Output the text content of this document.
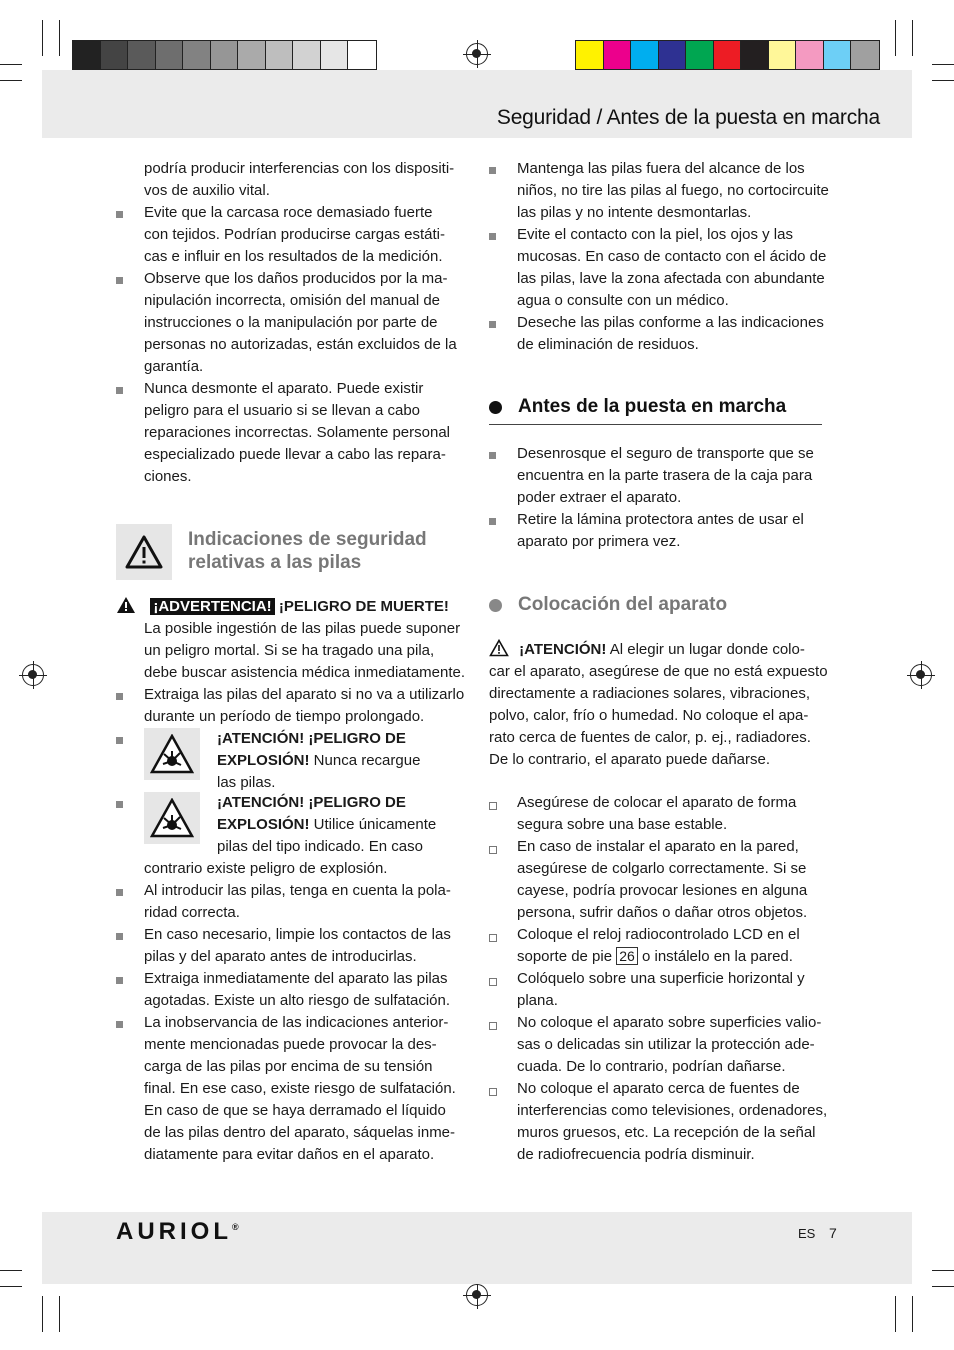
Seguridad / Antes de la puesta en marcha
podría producir interferencias con los dispositi-
vos de auxilio vital.
Evite que la carcasa roce demasiado fuerte
con tejidos. Podrían producirse cargas estáti-
cas e influir en los resultados de la medición.
Observe que los daños producidos por la ma-
nipulación incorrecta, omisión del manual de
instrucciones o la manipulación por parte de
personas no autorizadas, están excluidos de la
garantía.
Nunca desmonte el aparato. Puede existir
peligro para el usuario si se llevan a cabo
reparaciones incorrectas. Solamente personal
especializado puede llevar a cabo las repara-
ciones.
Indicaciones de seguridad
relativas a las pilas
¡ADVERTENCIA! ¡PELIGRO DE MUERTE!
La posible ingestión de las pilas puede suponer
un peligro mortal. Si se ha tragado una pila,
debe buscar asistencia médica inmediatamente.
Extraiga las pilas del aparato si no va a utilizarlo
durante un período de tiempo prolongado.
¡ATENCIÓN! ¡PELIGRO DE
EXPLOSIÓN! Nunca recargue
las pilas.
¡ATENCIÓN! ¡PELIGRO DE
EXPLOSIÓN! Utilice únicamente
pilas del tipo indicado. En caso
contrario existe peligro de explosión.
Al introducir las pilas, tenga en cuenta la pola-
ridad correcta.
En caso necesario, limpie los contactos de las
pilas y del aparato antes de introducirlas.
Extraiga inmediatamente del aparato las pilas
agotadas. Existe un alto riesgo de sulfatación.
La inobservancia de las indicaciones anterior-
mente mencionadas puede provocar la des-
carga de las pilas por encima de su tensión
final. En ese caso, existe riesgo de sulfatación.
En caso de que se haya derramado el líquido
de las pilas dentro del aparato, sáquelas inme-
diatamente para evitar daños en el aparato.
Mantenga las pilas fuera del alcance de los
niños, no tire las pilas al fuego, no cortocircuite
las pilas y no intente desmontarlas.
Evite el contacto con la piel, los ojos y las
mucosas. En caso de contacto con el ácido de
las pilas, lave la zona afectada con abundante
agua o consulte con un médico.
Deseche las pilas conforme a las indicaciones
de eliminación de residuos.
Antes de la puesta en marcha
Desenrosque el seguro de transporte que se
encuentra en la parte trasera de la caja para
poder extraer el aparato.
Retire la lámina protectora antes de usar el
aparato por primera vez.
Colocación del aparato
¡ATENCIÓN! Al elegir un lugar donde colo-
car el aparato, asegúrese de que no está expuesto
directamente a radiaciones solares, vibraciones,
polvo, calor, frío o humedad. No coloque el apa-
rato cerca de fuentes de calor, p. ej., radiadores.
De lo contrario, el aparato puede dañarse.
Asegúrese de colocar el aparato de forma
segura sobre una base estable.
En caso de instalar el aparato en la pared,
asegúrese de colgarlo correctamente. Si se
cayese, podría provocar lesiones en alguna
persona, sufrir daños o dañar otros objetos.
Coloque el reloj radiocontrolado LCD en el
soporte de pie 26 o instálelo en la pared.
Colóquelo sobre una superficie horizontal y
plana.
No coloque el aparato sobre superficies valio-
sas o delicadas sin utilizar la protección ade-
cuada. De lo contrario, podrían dañarse.
No coloque el aparato cerca de fuentes de
interferencias como televisiones, ordenadores,
muros gruesos, etc. La recepción de la señal
de radiofrecuencia podría disminuir.
AURIOL®	ES 7
